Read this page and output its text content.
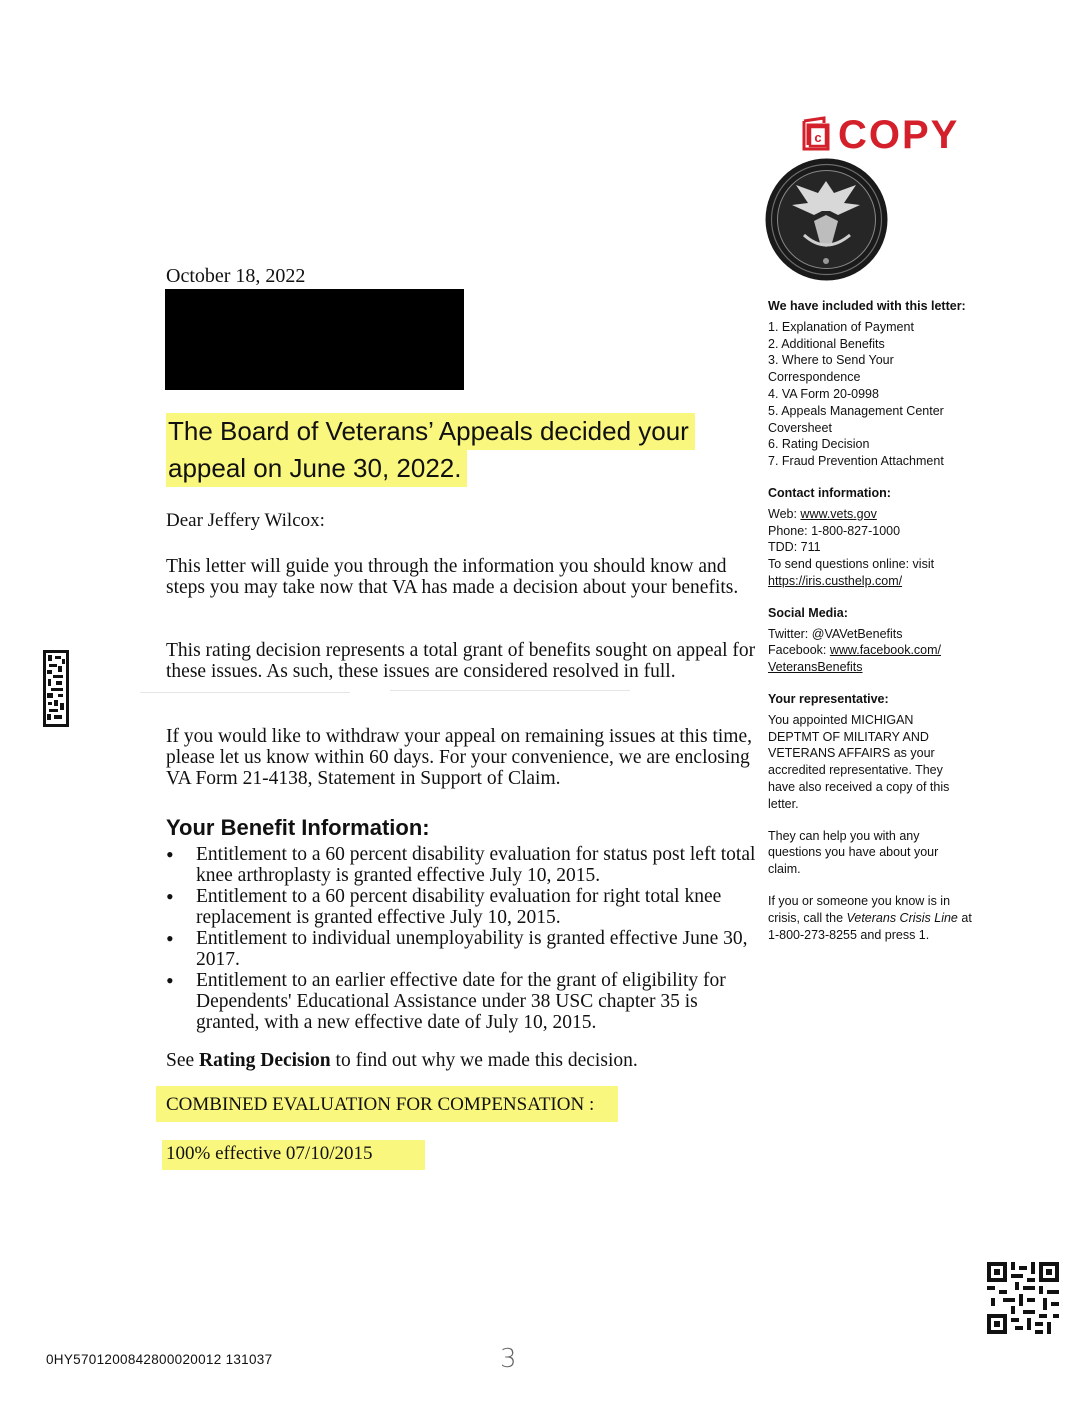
c COPY
October 18, 2022
The Board of Veterans’ Appeals decided your
appeal on June 30, 2022.
Dear Jeffery Wilcox:
This letter will guide you through the information you should know and steps you may take now that VA has made a decision about your benefits.
This rating decision represents a total grant of benefits sought on appeal for these issues. As such, these issues are considered resolved in full.
If you would like to withdraw your appeal on remaining issues at this time, please let us know within 60 days. For your convenience, we are enclosing VA Form 21-4138, Statement in Support of Claim.
Your Benefit Information:
• Entitlement to a 60 percent disability evaluation for status post left total knee arthroplasty is granted effective July 10, 2015.
• Entitlement to a 60 percent disability evaluation for right total knee replacement is granted effective July 10, 2015.
• Entitlement to individual unemployability is granted effective June 30, 2017.
• Entitlement to an earlier effective date for the grant of eligibility for Dependents' Educational Assistance under 38 USC chapter 35 is granted, with a new effective date of July 10, 2015.
See Rating Decision to find out why we made this decision.
COMBINED EVALUATION FOR COMPENSATION :
100% effective 07/10/2015
We have included with this letter:
1. Explanation of Payment
2. Additional Benefits
3. Where to Send Your Correspondence
4. VA Form 20-0998
5. Appeals Management Center Coversheet
6. Rating Decision
7. Fraud Prevention Attachment
Contact information:
Web: www.vets.gov
Phone: 1-800-827-1000
TDD: 711
To send questions online: visit
https://iris.custhelp.com/
Social Media:
Twitter: @VAVetBenefits
Facebook: www.facebook.com/
VeteransBenefits
Your representative:
You appointed MICHIGAN DEPTMT OF MILITARY AND VETERANS AFFAIRS as your accredited representative. They have also received a copy of this letter.
They can help you with any questions you have about your claim.
If you or someone you know is in crisis, call the Veterans Crisis Line at 1-800-273-8255 and press 1.
0HY5701200842800020012 131037	3
